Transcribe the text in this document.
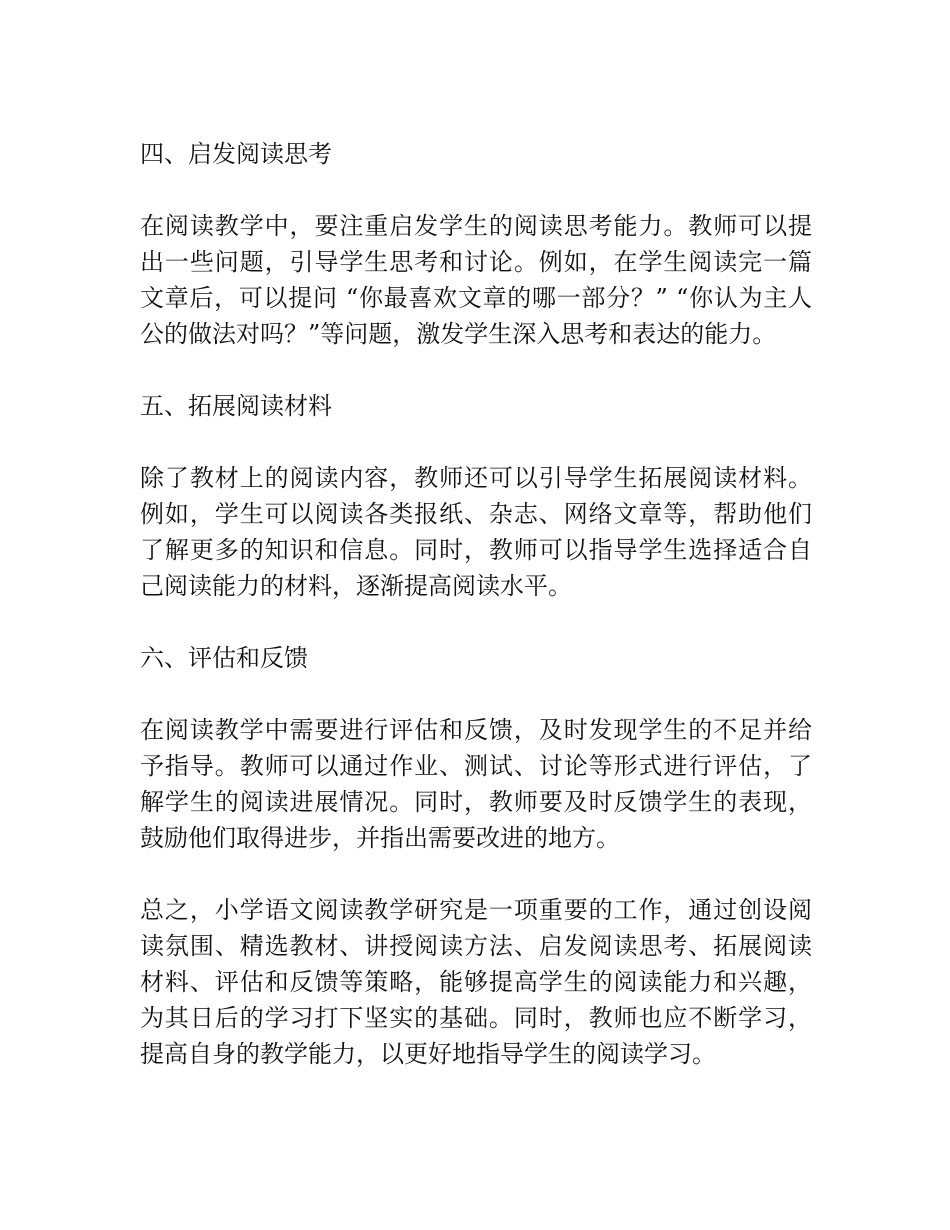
四、启发阅读思考

在阅读教学中，要注重启发学生的阅读思考能力。教师可以提
出一些问题，引导学生思考和讨论。例如，在学生阅读完一篇
文章后，可以提问 “你最喜欢文章的哪一部分？” “你认为主人
公的做法对吗？”等问题，激发学生深入思考和表达的能力。

五、拓展阅读材料

除了教材上的阅读内容，教师还可以引导学生拓展阅读材料。
例如，学生可以阅读各类报纸、杂志、网络文章等，帮助他们
了解更多的知识和信息。同时，教师可以指导学生选择适合自
己阅读能力的材料，逐渐提高阅读水平。

六、评估和反馈

在阅读教学中需要进行评估和反馈，及时发现学生的不足并给
予指导。教师可以通过作业、测试、讨论等形式进行评估，了
解学生的阅读进展情况。同时，教师要及时反馈学生的表现，
鼓励他们取得进步，并指出需要改进的地方。

总之，小学语文阅读教学研究是一项重要的工作，通过创设阅
读氛围、精选教材、讲授阅读方法、启发阅读思考、拓展阅读
材料、评估和反馈等策略，能够提高学生的阅读能力和兴趣，
为其日后的学习打下坚实的基础。同时，教师也应不断学习，
提高自身的教学能力，以更好地指导学生的阅读学习。
